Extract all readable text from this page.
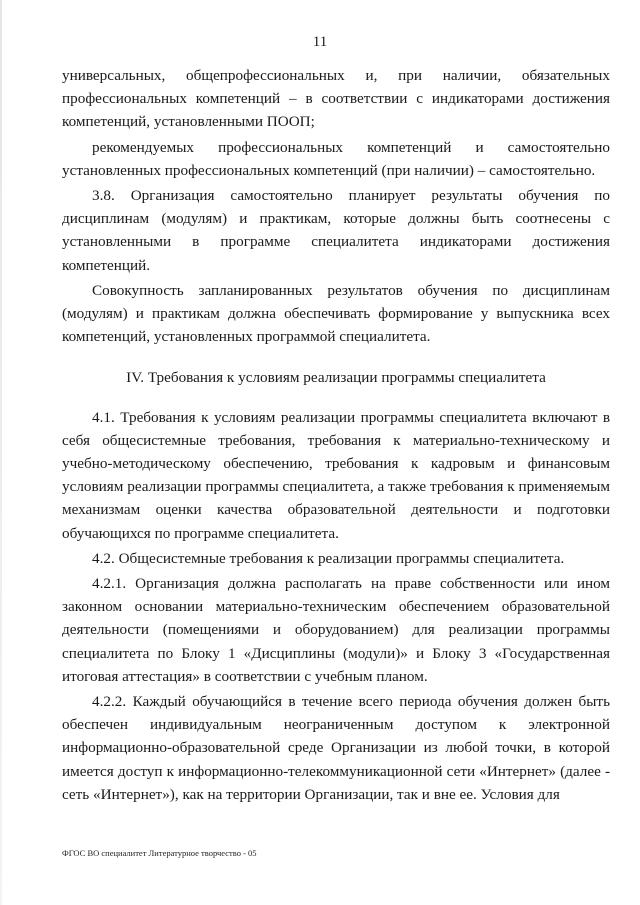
11

универсальных, общепрофессиональных и, при наличии, обязательных профессиональных компетенций – в соответствии с индикаторами достижения компетенций, установленными ПООП;

рекомендуемых профессиональных компетенций и самостоятельно установленных профессиональных компетенций (при наличии) – самостоятельно.

3.8. Организация самостоятельно планирует результаты обучения по дисциплинам (модулям) и практикам, которые должны быть соотнесены с установленными в программе специалитета индикаторами достижения компетенций.

Совокупность запланированных результатов обучения по дисциплинам (модулям) и практикам должна обеспечивать формирование у выпускника всех компетенций, установленных программой специалитета.

IV. Требования к условиям реализации программы специалитета

4.1. Требования к условиям реализации программы специалитета включают в себя общесистемные требования, требования к материально-техническому и учебно-методическому обеспечению, требования к кадровым и финансовым условиям реализации программы специалитета, а также требования к применяемым механизмам оценки качества образовательной деятельности и подготовки обучающихся по программе специалитета.

4.2. Общесистемные требования к реализации программы специалитета.

4.2.1. Организация должна располагать на праве собственности или ином законном основании материально-техническим обеспечением образовательной деятельности (помещениями и оборудованием) для реализации программы специалитета по Блоку 1 «Дисциплины (модули)» и Блоку 3 «Государственная итоговая аттестация» в соответствии с учебным планом.

4.2.2. Каждый обучающийся в течение всего периода обучения должен быть обеспечен индивидуальным неограниченным доступом к электронной информационно-образовательной среде Организации из любой точки, в которой имеется доступ к информационно-телекоммуникационной сети «Интернет» (далее - сеть «Интернет»), как на территории Организации, так и вне ее. Условия для

ФГОС ВО специалитет Литературное творчество - 05
